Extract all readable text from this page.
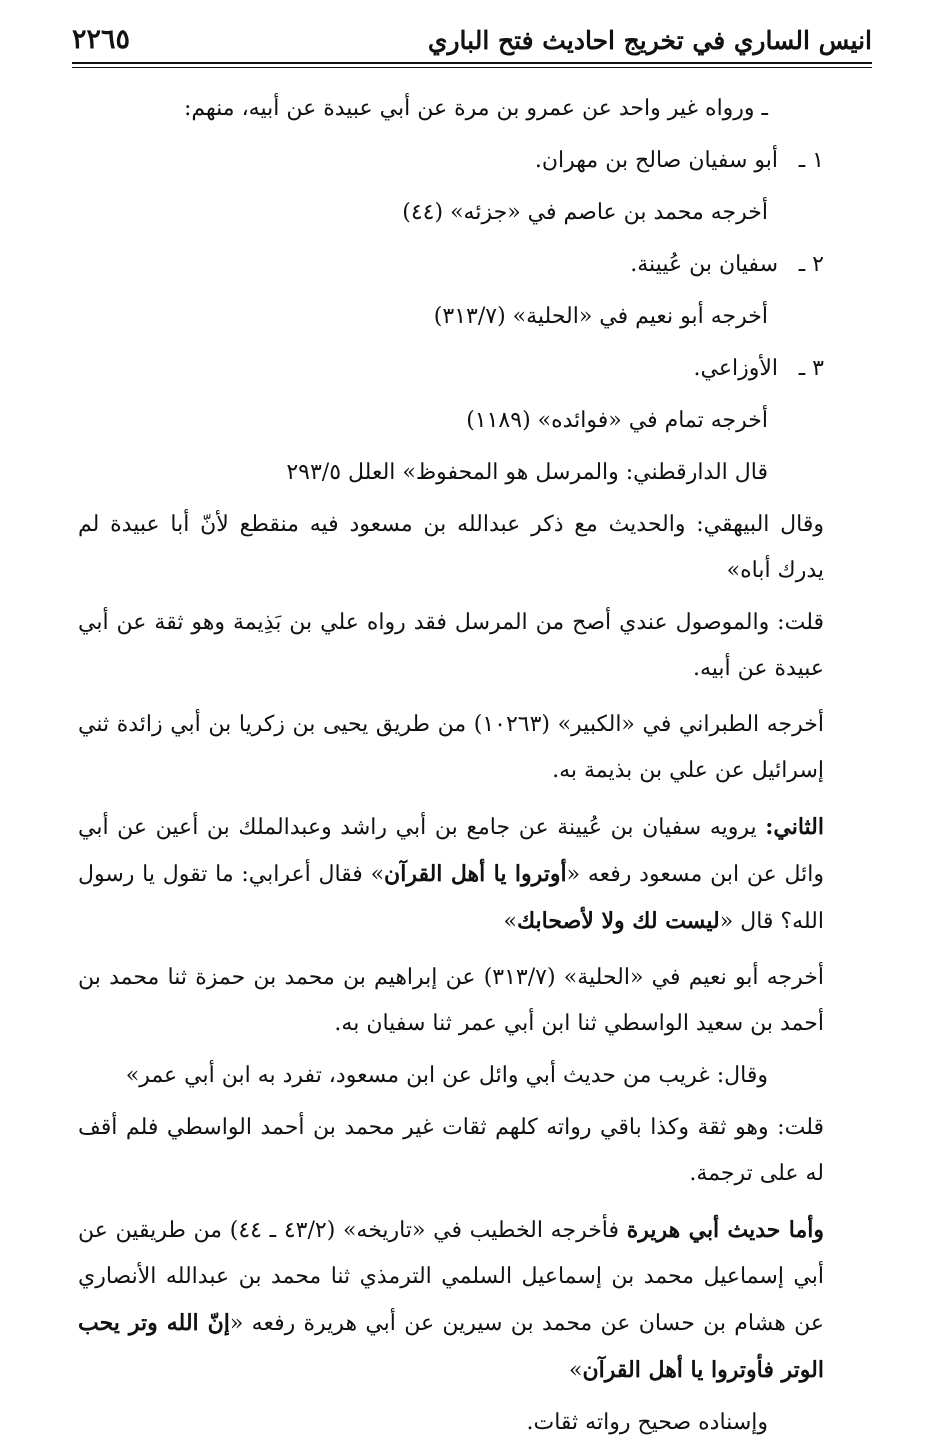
انيس الساري في تخريج احاديث فتح الباري
٢٢٦٥

ـ ورواه غير واحد عن عمرو بن مرة عن أبي عبيدة عن أبيه، منهم:

١ ـأبو سفيان صالح بن مهران.

أخرجه محمد بن عاصم في «جزئه» (٤٤)

٢ ـسفيان بن عُيينة.

أخرجه أبو نعيم في «الحلية» (٣١٣/٧)

٣ ـالأوزاعي.

أخرجه تمام في «فوائده» (١١٨٩)

قال الدارقطني: والمرسل هو المحفوظ» العلل ٢٩٣/٥

وقال البيهقي: والحديث مع ذكر عبدالله بن مسعود فيه منقطع لأنّ أبا عبيدة لم يدرك أباه»

قلت: والموصول عندي أصح من المرسل فقد رواه علي بن بَذِيمة وهو ثقة عن أبي عبيدة عن أبيه.

أخرجه الطبراني في «الكبير» (١٠٢٦٣) من طريق يحيى بن زكريا بن أبي زائدة ثني إسرائيل عن علي بن بذيمة به.

الثاني: يرويه سفيان بن عُيينة عن جامع بن أبي راشد وعبدالملك بن أعين عن أبي وائل عن ابن مسعود رفعه «أوتروا يا أهل القرآن» فقال أعرابي: ما تقول يا رسول الله؟ قال «ليست لك ولا لأصحابك»

أخرجه أبو نعيم في «الحلية» (٣١٣/٧) عن إبراهيم بن محمد بن حمزة ثنا محمد بن أحمد بن سعيد الواسطي ثنا ابن أبي عمر ثنا سفيان به.

وقال: غريب من حديث أبي وائل عن ابن مسعود، تفرد به ابن أبي عمر»

قلت: وهو ثقة وكذا باقي رواته كلهم ثقات غير محمد بن أحمد الواسطي فلم أقف له على ترجمة.

وأما حديث أبي هريرة فأخرجه الخطيب في «تاريخه» (٤٣/٢ ـ ٤٤) من طريقين عن أبي إسماعيل محمد بن إسماعيل السلمي الترمذي ثنا محمد بن عبدالله الأنصاري عن هشام بن حسان عن محمد بن سيرين عن أبي هريرة رفعه «إنّ الله وتر يحب الوتر فأوتروا يا أهل القرآن»

وإسناده صحيح رواته ثقات.
